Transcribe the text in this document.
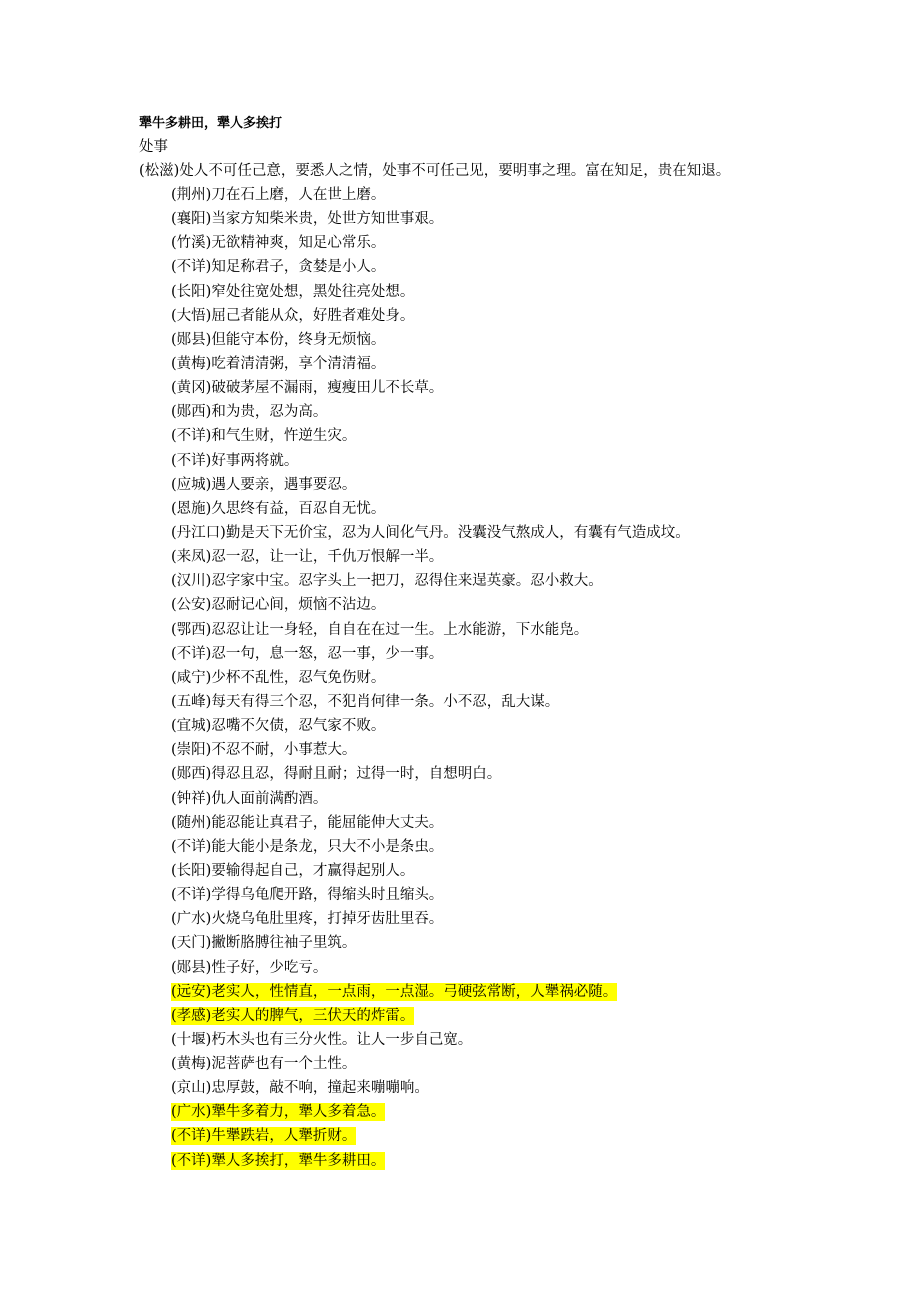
犟牛多耕田，犟人多挨打
处事
(松滋)处人不可任己意，要悉人之情，处事不可任己见，要明事之理。富在知足，贵在知退。
(荆州)刀在石上磨，人在世上磨。
(襄阳)当家方知柴米贵，处世方知世事艰。
(竹溪)无欲精神爽，知足心常乐。
(不详)知足称君子，贪婪是小人。
(长阳)窄处往宽处想，黑处往亮处想。
(大悟)屈己者能从众，好胜者难处身。
(郧县)但能守本份，终身无烦恼。
(黄梅)吃着清清粥，享个清清福。
(黄冈)破破茅屋不漏雨，瘦瘦田儿不长草。
(郧西)和为贵，忍为高。
(不详)和气生财，忤逆生灾。
(不详)好事两将就。
(应城)遇人要亲，遇事要忍。
(恩施)久思终有益，百忍自无忧。
(丹江口)勤是天下无价宝，忍为人间化气丹。没囊没气熬成人，有囊有气造成坟。
(来凤)忍一忍，让一让，千仇万恨解一半。
(汉川)忍字家中宝。忍字头上一把刀，忍得住来逞英豪。忍小救大。
(公安)忍耐记心间，烦恼不沾边。
(鄂西)忍忍让让一身轻，自自在在过一生。上水能游，下水能凫。
(不详)忍一句，息一怒，忍一事，少一事。
(咸宁)少杯不乱性，忍气免伤财。
(五峰)每天有得三个忍，不犯肖何律一条。小不忍，乱大谋。
(宜城)忍嘴不欠债，忍气家不败。
(崇阳)不忍不耐，小事惹大。
(郧西)得忍且忍，得耐且耐；过得一时，自想明白。
(钟祥)仇人面前满酌酒。
(随州)能忍能让真君子，能屈能伸大丈夫。
(不详)能大能小是条龙，只大不小是条虫。
(长阳)要输得起自己，才赢得起别人。
(不详)学得乌龟爬开路，得缩头时且缩头。
(广水)火烧乌龟肚里疼，打掉牙齿肚里吞。
(天门)撇断胳膊往袖子里筑。
(郧县)性子好，少吃亏。
(远安)老实人，性情直，一点雨，一点湿。弓硬弦常断，人犟祸必随。
(孝感)老实人的脾气，三伏天的炸雷。
(十堰)朽木头也有三分火性。让人一步自己宽。
(黄梅)泥菩萨也有一个土性。
(京山)忠厚鼓，敲不响，撞起来嘣嘣响。
(广水)犟牛多着力，犟人多着急。
(不详)牛犟跌岩，人犟折财。
(不详)犟人多挨打，犟牛多耕田。
